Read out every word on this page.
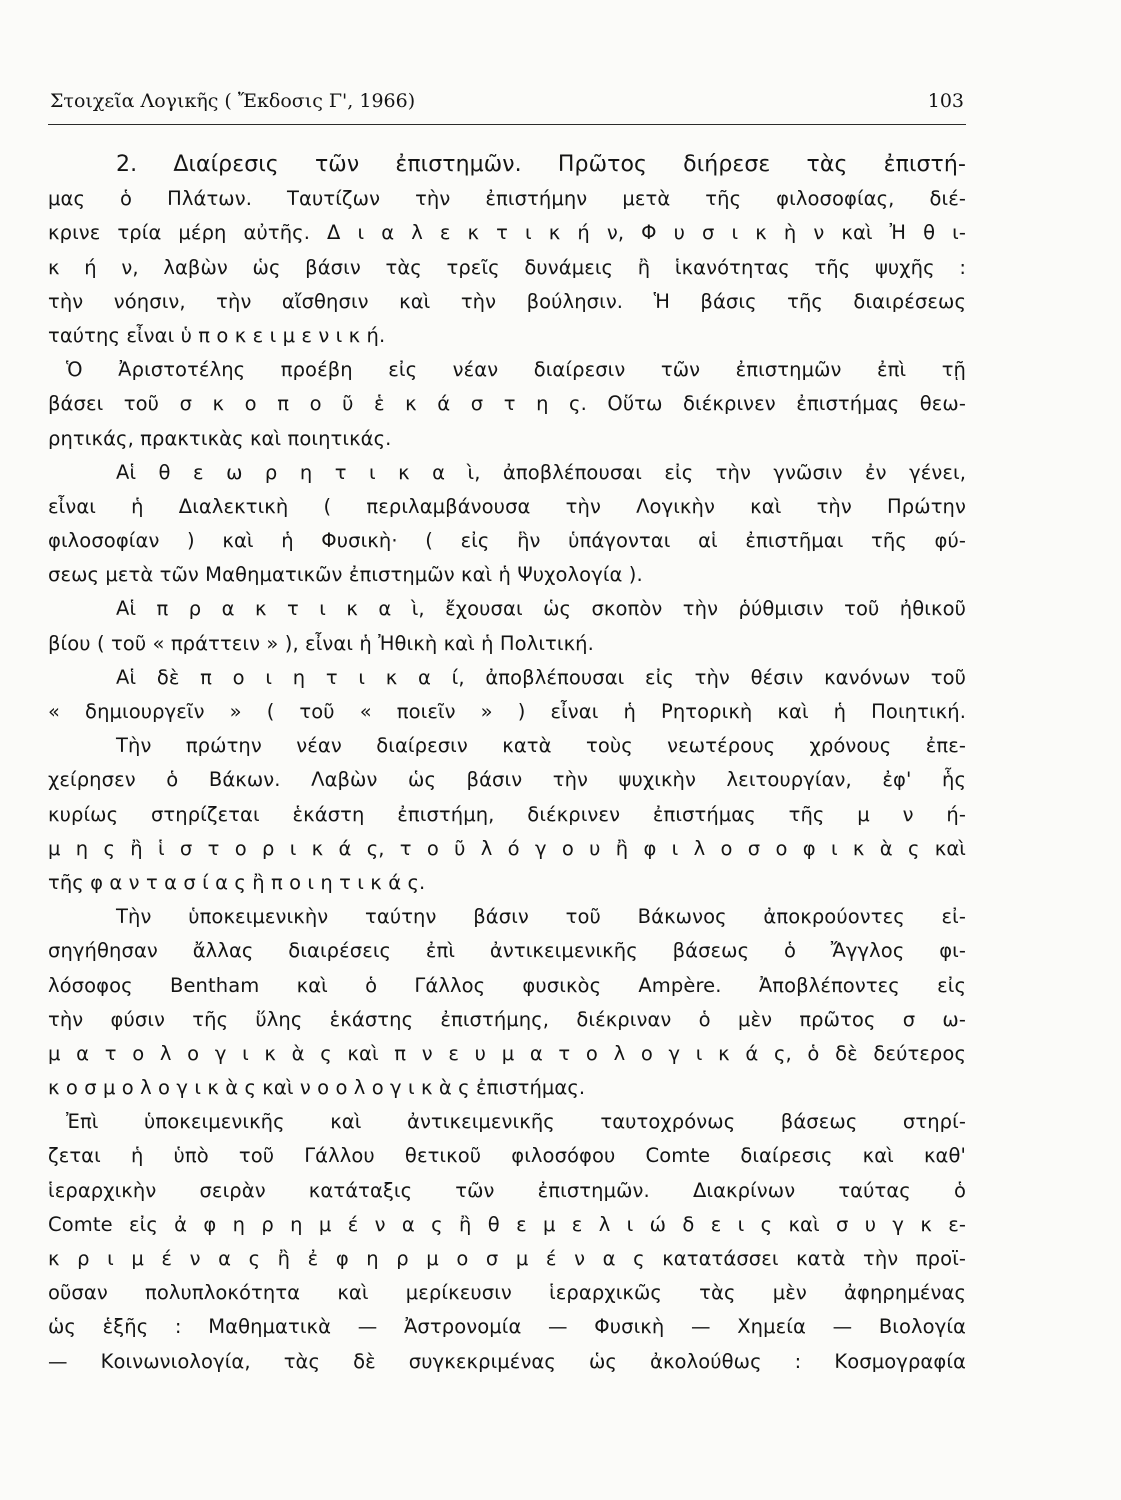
Στοιχεῖα Λογικῆς ( Ἔκδοσις Γ', 1966)	103
2. Διαίρεσις τῶν ἐπιστημῶν. Πρῶτος διήρεσε τὰς ἐπιστή-
μας ὁ Πλάτων. Ταυτίζων τὴν ἐπιστήμην μετὰ τῆς φιλοσοφίας, διέ-
κρινε τρία μέρη αὐτῆς. Δ ι α λ ε κ τ ι κ ή ν, Φ υ σ ι κ ὴ ν καὶ Ἠ θ ι-
κ ή ν, λαβὼν ὡς βάσιν τὰς τρεῖς δυνάμεις ἢ ἱκανότητας τῆς ψυχῆς :
τὴν νόησιν, τὴν αἴσθησιν καὶ τὴν βούλησιν. Ἡ βάσις τῆς διαιρέσεως
ταύτης εἶναι ὑ π ο κ ε ι μ ε ν ι κ ή.
Ὁ Ἀριστοτέλης προέβη εἰς νέαν διαίρεσιν τῶν ἐπιστημῶν ἐπὶ τῇ
βάσει τοῦ σ κ ο π ο ῦ ἑ κ ά σ τ η ς. Οὕτω διέκρινεν ἐπιστήμας θεω-
ρητικάς, πρακτικὰς καὶ ποιητικάς.
Αἱ θ ε ω ρ η τ ι κ α ὶ, ἀποβλέπουσαι εἰς τὴν γνῶσιν ἐν γένει,
εἶναι ἡ Διαλεκτικὴ ( περιλαμβάνουσα τὴν Λογικὴν καὶ τὴν Πρώτην
φιλοσοφίαν ) καὶ ἡ Φυσικὴ· ( εἰς ἣν ὑπάγονται αἱ ἐπιστῆμαι τῆς φύ-
σεως μετὰ τῶν Μαθηματικῶν ἐπιστημῶν καὶ ἡ Ψυχολογία ).
Αἱ π ρ α κ τ ι κ α ὶ, ἔχουσαι ὡς σκοπὸν τὴν ῥύθμισιν τοῦ ἠθικοῦ
βίου ( τοῦ « πράττειν » ), εἶναι ἡ Ἠθικὴ καὶ ἡ Πολιτική.
Αἱ δὲ π ο ι η τ ι κ α ί, ἀποβλέπουσαι εἰς τὴν θέσιν κανόνων τοῦ
« δημιουργεῖν » ( τοῦ « ποιεῖν » ) εἶναι ἡ Ρητορικὴ καὶ ἡ Ποιητική.
Τὴν πρώτην νέαν διαίρεσιν κατὰ τοὺς νεωτέρους χρόνους ἐπε-
χείρησεν ὁ Βάκων. Λαβὼν ὡς βάσιν τὴν ψυχικὴν λειτουργίαν, ἐφ' ἧς
κυρίως στηρίζεται ἑκάστη ἐπιστήμη, διέκρινεν ἐπιστήμας τῆς μ ν ή-
μ η ς ἢ ἱ σ τ ο ρ ι κ ά ς, τ ο ῦ λ ό γ ο υ ἢ φ ι λ ο σ ο φ ι κ ὰ ς καὶ
τῆς φ α ν τ α σ ί α ς ἢ π ο ι η τ ι κ ά ς.
Τὴν ὑποκειμενικὴν ταύτην βάσιν τοῦ Βάκωνος ἀποκρούοντες εἰ-
σηγήθησαν ἄλλας διαιρέσεις ἐπὶ ἀντικειμενικῆς βάσεως ὁ Ἄγγλος φι-
λόσοφος Bentham καὶ ὁ Γάλλος φυσικὸς Ampère. Ἀποβλέποντες εἰς
τὴν φύσιν τῆς ὕλης ἑκάστης ἐπιστήμης, διέκριναν ὁ μὲν πρῶτος σ ω-
μ α τ ο λ ο γ ι κ ὰ ς καὶ π ν ε υ μ α τ ο λ ο γ ι κ ά ς, ὁ δὲ δεύτερος
κ ο σ μ ο λ ο γ ι κ ὰ ς καὶ ν ο ο λ ο γ ι κ ὰ ς ἐπιστήμας.
Ἐπὶ ὑποκειμενικῆς καὶ ἀντικειμενικῆς ταυτοχρόνως βάσεως στηρί-
ζεται ἡ ὑπὸ τοῦ Γάλλου θετικοῦ φιλοσόφου Comte διαίρεσις καὶ καθ'
ἱεραρχικὴν σειρὰν κατάταξις τῶν ἐπιστημῶν. Διακρίνων ταύτας ὁ
Comte εἰς ἀ φ η ρ η μ έ ν α ς ἢ θ ε μ ε λ ι ώ δ ε ι ς καὶ σ υ γ κ ε-
κ ρ ι μ έ ν α ς ἢ ἐ φ η ρ μ ο σ μ έ ν α ς κατατάσσει κατὰ τὴν προϊ-
οῦσαν πολυπλοκότητα καὶ μερίκευσιν ἱεραρχικῶς τὰς μὲν ἀφηρημένας
ὡς ἑξῆς : Μαθηματικὰ — Ἀστρονομία — Φυσικὴ — Χημεία — Βιολογία
— Κοινωνιολογία, τὰς δὲ συγκεκριμένας ὡς ἀκολούθως : Κοσμογραφία
